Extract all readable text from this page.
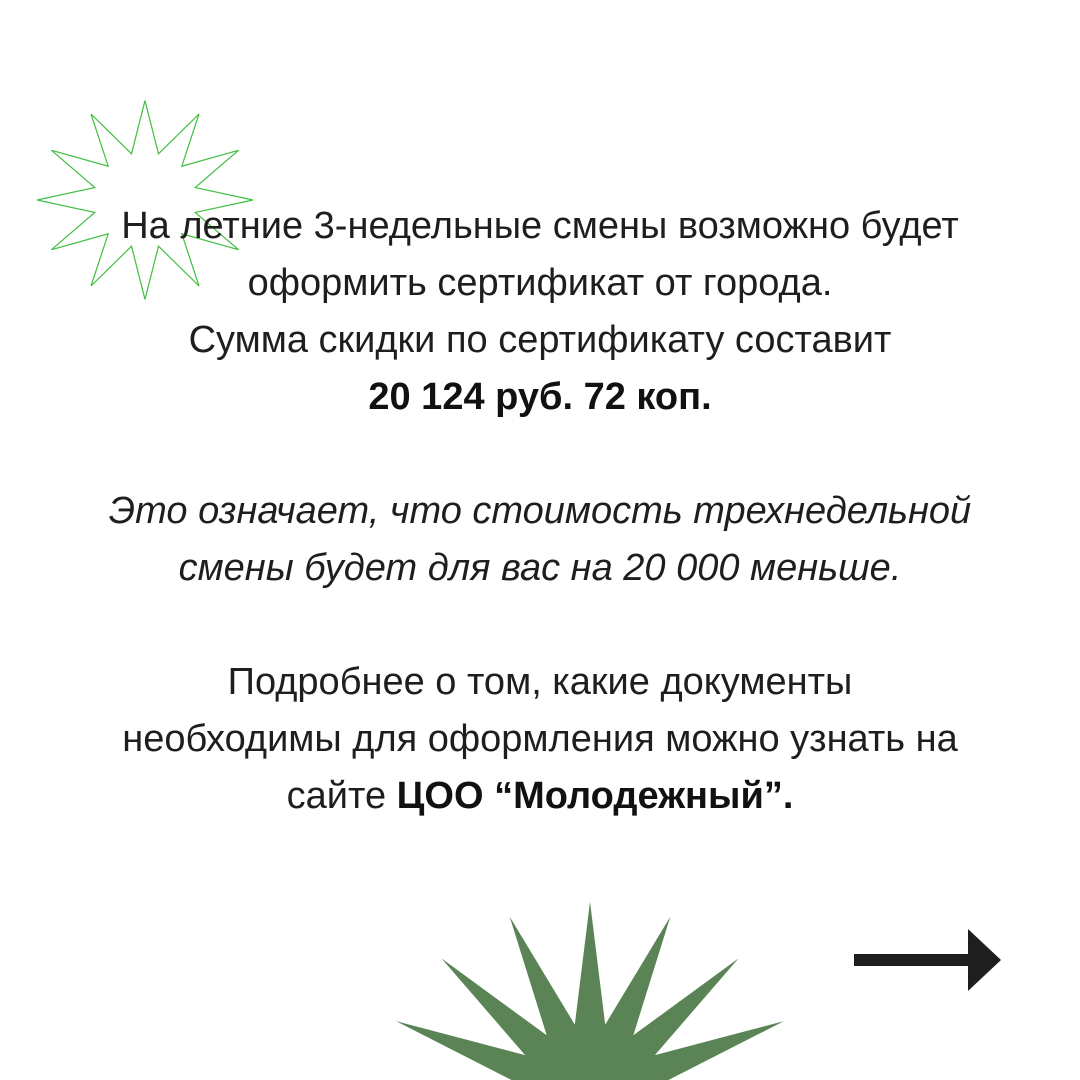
На летние 3-недельные смены возможно будет
оформить сертификат от города.
Сумма скидки по сертификату составит
20 124 руб. 72 коп.
Это означает, что стоимость трехнедельной
смены будет для вас на 20 000 меньше.
Подробнее о том, какие документы
необходимы для оформления можно узнать на
сайте ЦОО “Молодежный”.
